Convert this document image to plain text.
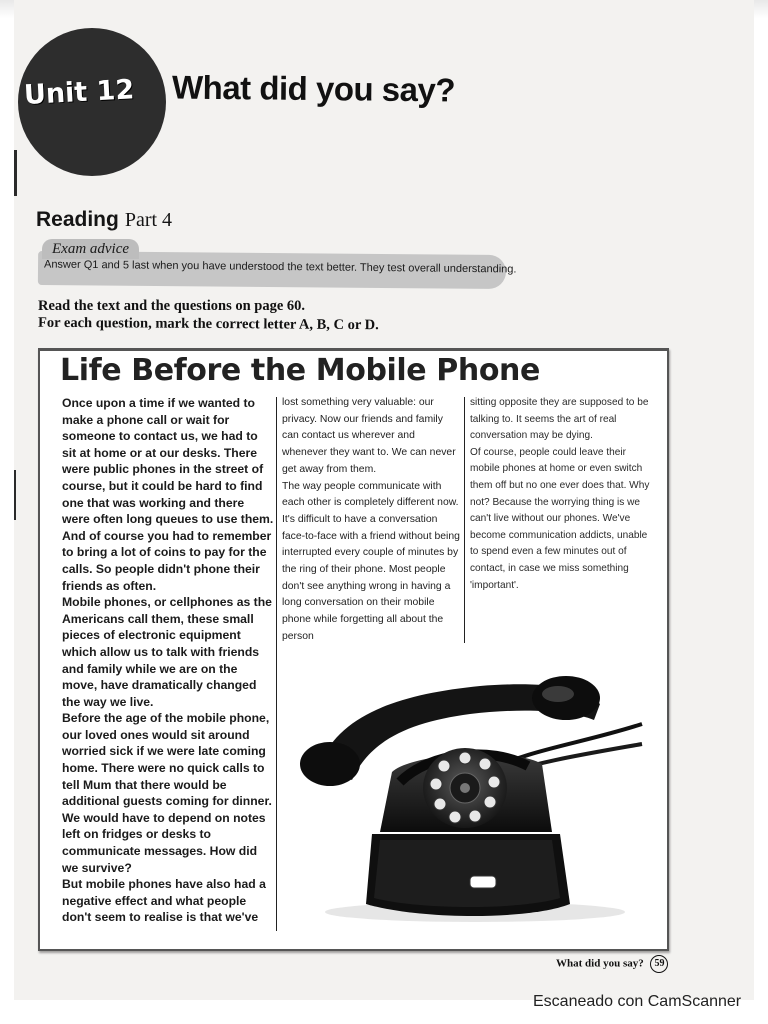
Unit 12 What did you say?
Reading Part 4
Exam advice
Answer Q1 and 5 last when you have understood the text better. They test overall understanding.
Read the text and the questions on page 60.
For each question, mark the correct letter A, B, C or D.
Life Before the Mobile Phone

Once upon a time if we wanted to make a phone call or wait for someone to contact us, we had to sit at home or at our desks. There were public phones in the street of course, but it could be hard to find one that was working and there were often long queues to use them. And of course you had to remember to bring a lot of coins to pay for the calls. So people didn't phone their friends as often.

Mobile phones, or cellphones as the Americans call them, these small pieces of electronic equipment which allow us to talk with friends and family while we are on the move, have dramatically changed the way we live.

Before the age of the mobile phone, our loved ones would sit around worried sick if we were late coming home. There were no quick calls to tell Mum that there would be additional guests coming for dinner. We would have to depend on notes left on fridges or desks to communicate messages. How did we survive?

But mobile phones have also had a negative effect and what people don't seem to realise is that we've

lost something very valuable: our privacy. Now our friends and family can contact us wherever and whenever they want to. We can never get away from them.

The way people communicate with each other is completely different now. It's difficult to have a conversation face-to-face with a friend without being interrupted every couple of minutes by the ring of their phone. Most people don't see anything wrong in having a long conversation on their mobile phone while forgetting all about the person

sitting opposite they are supposed to be talking to. It seems the art of real conversation may be dying.

Of course, people could leave their mobile phones at home or even switch them off but no one ever does that. Why not? Because the worrying thing is we can't live without our phones. We've become communication addicts, unable to spend even a few minutes out of contact, in case we miss something 'important'.

What did you say? 59
Escaneado con CamScanner
